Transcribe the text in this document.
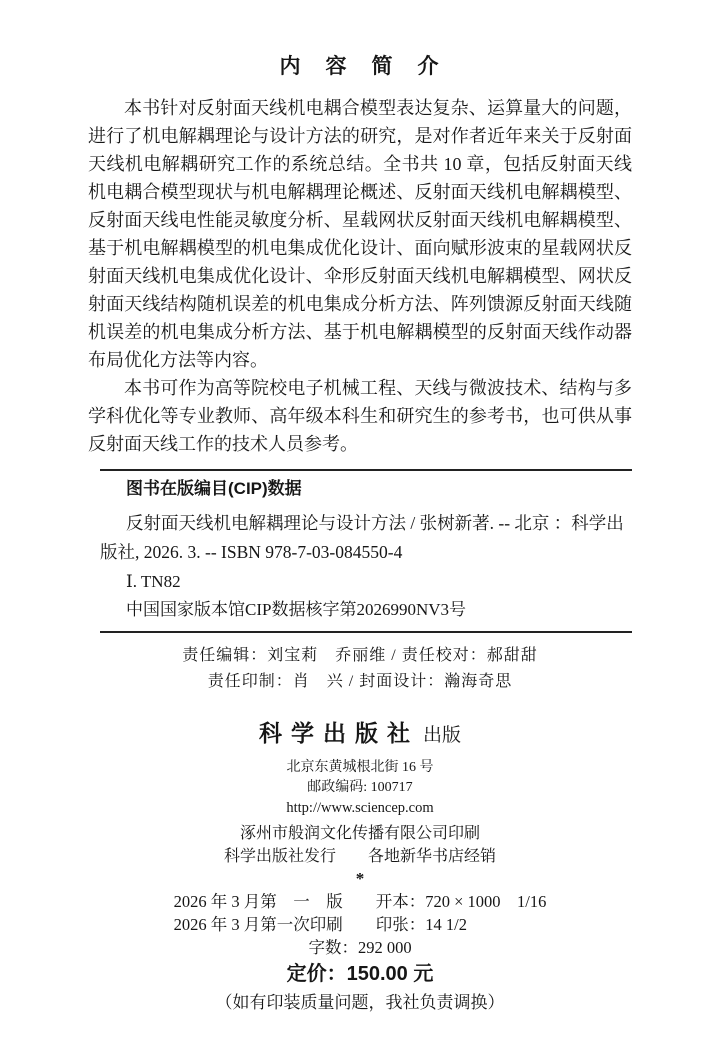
内　容　简　介

本书针对反射面天线机电耦合模型表达复杂、运算量大的问题，进行了机电解耦理论与设计方法的研究，是对作者近年来关于反射面天线机电解耦研究工作的系统总结。全书共 10 章，包括反射面天线机电耦合模型现状与机电解耦理论概述、反射面天线机电解耦模型、反射面天线电性能灵敏度分析、星载网状反射面天线机电解耦模型、基于机电解耦模型的机电集成优化设计、面向赋形波束的星载网状反射面天线机电集成优化设计、伞形反射面天线机电解耦模型、网状反射面天线结构随机误差的机电集成分析方法、阵列馈源反射面天线随机误差的机电集成分析方法、基于机电解耦模型的反射面天线作动器布局优化方法等内容。

本书可作为高等院校电子机械工程、天线与微波技术、结构与多学科优化等专业教师、高年级本科生和研究生的参考书，也可供从事反射面天线工作的技术人员参考。

图书在版编目(CIP)数据

反射面天线机电解耦理论与设计方法 / 张树新著. -- 北京 ：科学出版社, 2026. 3. -- ISBN 978-7-03-084550-4

Ⅰ. TN82

中国国家版本馆CIP数据核字第2026990NV3号

责任编辑：刘宝莉　乔丽维 / 责任校对：郝甜甜

责任印制：肖　兴 / 封面设计：瀚海奇思

科学出版社 出版

北京东黄城根北街 16 号

邮政编码: 100717

http://www.sciencep.com

涿州市般润文化传播有限公司印刷

科学出版社发行　　各地新华书店经销

*

2026 年 3 月第　一　版　　开本：720 × 1000　1/16

2026 年 3 月第一次印刷　　印张：14 1/2

字数：292 000

定价：150.00 元

（如有印装质量问题，我社负责调换）
